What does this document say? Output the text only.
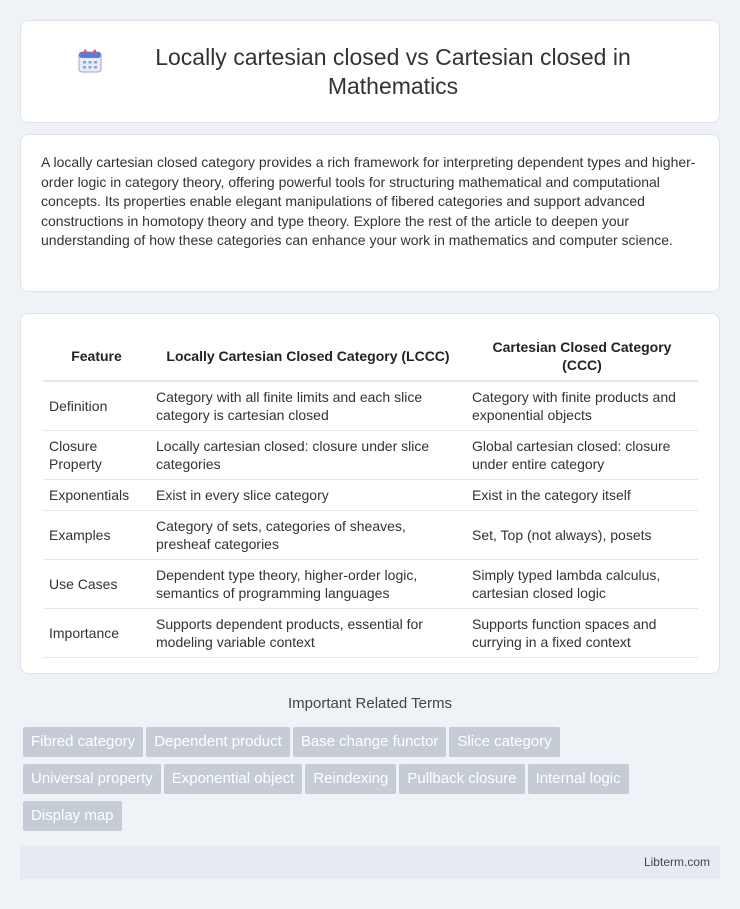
Locally cartesian closed vs Cartesian closed in Mathematics

A locally cartesian closed category provides a rich framework for interpreting dependent types and higher-order logic in category theory, offering powerful tools for structuring mathematical and computational concepts. Its properties enable elegant manipulations of fibered categories and support advanced constructions in homotopy theory and type theory. Explore the rest of the article to deepen your understanding of how these categories can enhance your work in mathematics and computer science.

Feature	Locally Cartesian Closed Category (LCCC)	Cartesian Closed Category (CCC)
Definition	Category with all finite limits and each slice category is cartesian closed	Category with finite products and exponential objects
Closure Property	Locally cartesian closed: closure under slice categories	Global cartesian closed: closure under entire category
Exponentials	Exist in every slice category	Exist in the category itself
Examples	Category of sets, categories of sheaves, presheaf categories	Set, Top (not always), posets
Use Cases	Dependent type theory, higher-order logic, semantics of programming languages	Simply typed lambda calculus, cartesian closed logic
Importance	Supports dependent products, essential for modeling variable context	Supports function spaces and currying in a fixed context
Important Related Terms
Fibred category Dependent product Base change functor Slice category
Universal property Exponential object Reindexing Pullback closure Internal logic
Display map
Libterm.com
